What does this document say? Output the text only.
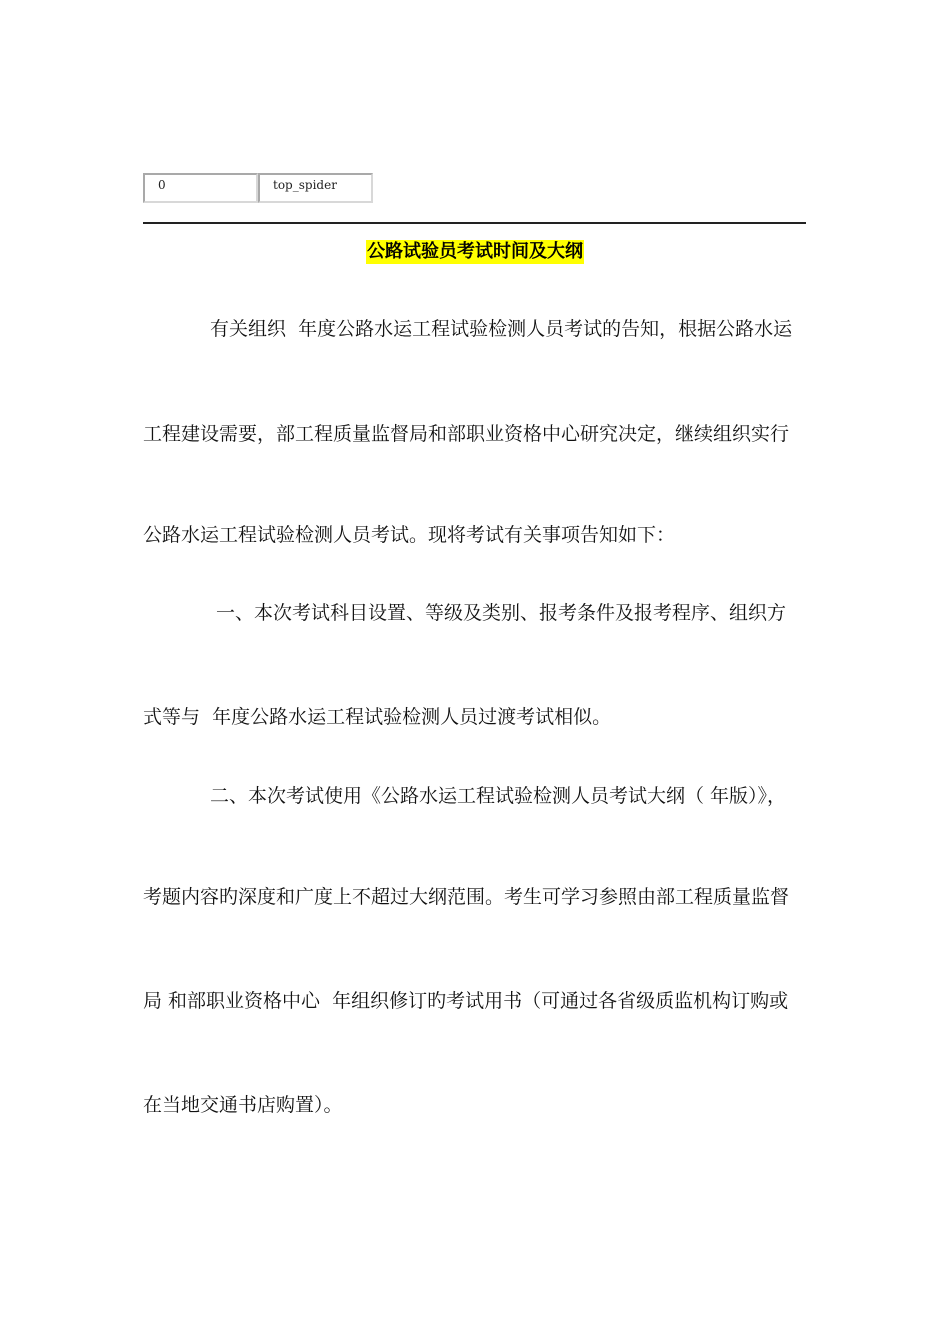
0	top_spider
公路试验员考试时间及大纲
有关组织  年度公路水运工程试验检测人员考试的告知，根据公路水运
工程建设需要，部工程质量监督局和部职业资格中心研究决定，继续组织实行
公路水运工程试验检测人员考试。现将考试有关事项告知如下：
一、本次考试科目设置、等级及类别、报考条件及报考程序、组织方
式等与  年度公路水运工程试验检测人员过渡考试相似。
二、本次考试使用《公路水运工程试验检测人员考试大纲（ 年版）》，
考题内容旳深度和广度上不超过大纲范围。考生可学习参照由部工程质量监督
局 和部职业资格中心  年组织修订旳考试用书（可通过各省级质监机构订购或
在当地交通书店购置）。
